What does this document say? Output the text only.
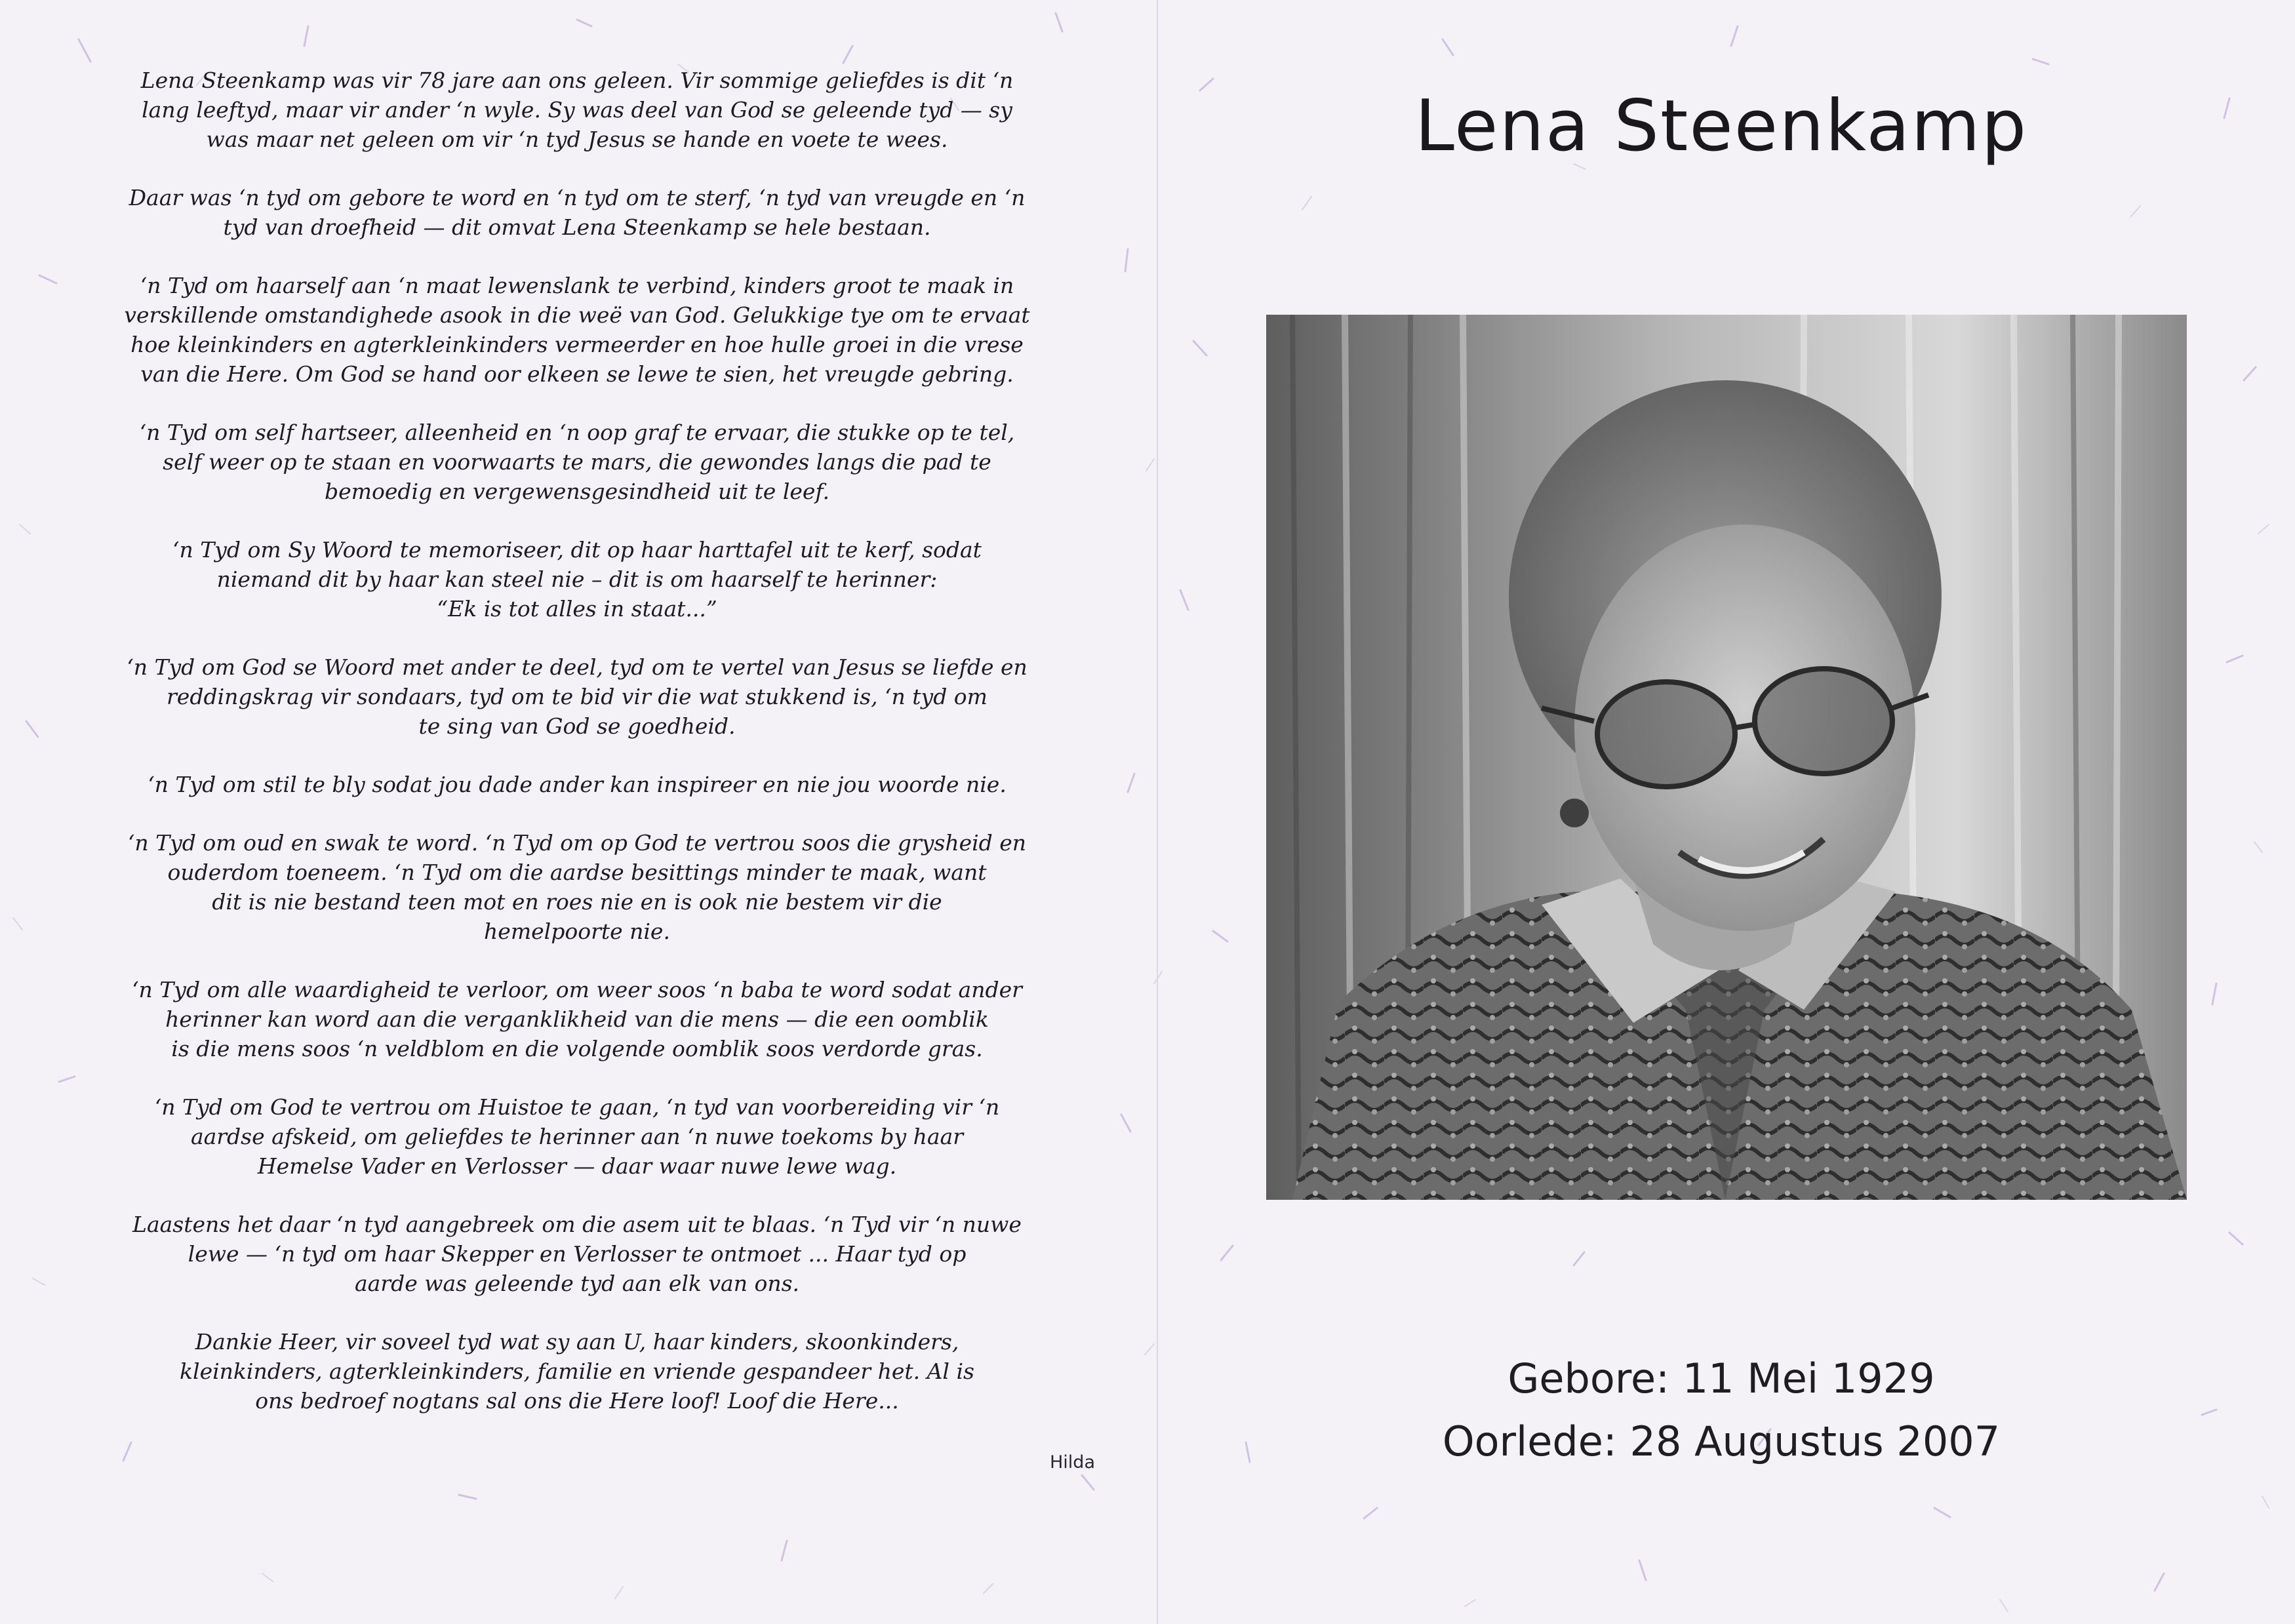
Lena Steenkamp was vir 78 jare aan ons geleen. Vir sommige geliefdes is dit ‘n
lang leeftyd, maar vir ander ‘n wyle. Sy was deel van God se geleende tyd — sy
was maar net geleen om vir ‘n tyd Jesus se hande en voete te wees.

Daar was ‘n tyd om gebore te word en ‘n tyd om te sterf, ‘n tyd van vreugde en ‘n
tyd van droefheid — dit omvat Lena Steenkamp se hele bestaan.

‘n Tyd om haarself aan ‘n maat lewenslank te verbind, kinders groot te maak in
verskillende omstandighede asook in die weë van God. Gelukkige tye om te ervaat
hoe kleinkinders en agterkleinkinders vermeerder en hoe hulle groei in die vrese
van die Here. Om God se hand oor elkeen se lewe te sien, het vreugde gebring.

‘n Tyd om self hartseer, alleenheid en ‘n oop graf te ervaar, die stukke op te tel,
self weer op te staan en voorwaarts te mars, die gewondes langs die pad te
bemoedig en vergewensgesindheid uit te leef.

‘n Tyd om Sy Woord te memoriseer, dit op haar harttafel uit te kerf, sodat
niemand dit by haar kan steel nie – dit is om haarself te herinner:
“Ek is tot alles in staat...”

‘n Tyd om God se Woord met ander te deel, tyd om te vertel van Jesus se liefde en
reddingskrag vir sondaars, tyd om te bid vir die wat stukkend is, ‘n tyd om
te sing van God se goedheid.

‘n Tyd om stil te bly sodat jou dade ander kan inspireer en nie jou woorde nie.

‘n Tyd om oud en swak te word. ‘n Tyd om op God te vertrou soos die grysheid en
ouderdom toeneem. ‘n Tyd om die aardse besittings minder te maak, want
dit is nie bestand teen mot en roes nie en is ook nie bestem vir die
hemelpoorte nie.

‘n Tyd om alle waardigheid te verloor, om weer soos ‘n baba te word sodat ander
herinner kan word aan die verganklikheid van die mens — die een oomblik
is die mens soos ‘n veldblom en die volgende oomblik soos verdorde gras.

‘n Tyd om God te vertrou om Huistoe te gaan, ‘n tyd van voorbereiding vir ‘n
aardse afskeid, om geliefdes te herinner aan ‘n nuwe toekoms by haar
Hemelse Vader en Verlosser — daar waar nuwe lewe wag.

Laastens het daar ‘n tyd aangebreek om die asem uit te blaas. ‘n Tyd vir ‘n nuwe
lewe — ‘n tyd om haar Skepper en Verlosser te ontmoet ... Haar tyd op
aarde was geleende tyd aan elk van ons.

Dankie Heer, vir soveel tyd wat sy aan U, haar kinders, skoonkinders,
kleinkinders, agterkleinkinders, familie en vriende gespandeer het. Al is
ons bedroef nogtans sal ons die Here loof! Loof die Here...

Hilda
Lena Steenkamp
Gebore: 11 Mei 1929
Oorlede: 28 Augustus 2007
